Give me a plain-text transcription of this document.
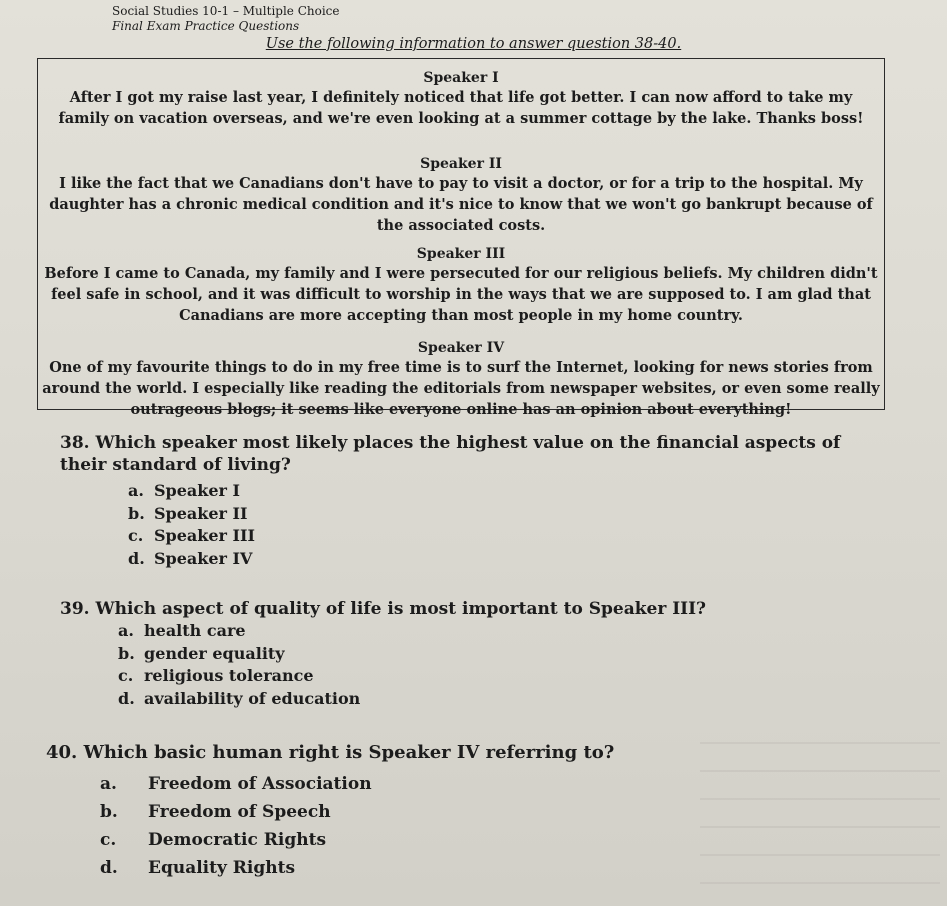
Social Studies 10-1 – Multiple Choice
Final Exam Practice Questions
Use the following information to answer question 38-40.
Speaker I
After I got my raise last year, I definitely noticed that life got better. I can now afford to take my family on vacation overseas, and we're even looking at a summer cottage by the lake. Thanks boss!
Speaker II
I like the fact that we Canadians don't have to pay to visit a doctor, or for a trip to the hospital. My daughter has a chronic medical condition and it's nice to know that we won't go bankrupt because of the associated costs.
Speaker III
Before I came to Canada, my family and I were persecuted for our religious beliefs. My children didn't feel safe in school, and it was difficult to worship in the ways that we are supposed to. I am glad that Canadians are more accepting than most people in my home country.
Speaker IV
One of my favourite things to do in my free time is to surf the Internet, looking for news stories from around the world. I especially like reading the editorials from newspaper websites, or even some really outrageous blogs; it seems like everyone online has an opinion about everything!
38. Which speaker most likely places the highest value on the financial aspects of their standard of living?
a. Speaker I
b. Speaker II
c. Speaker III
d. Speaker IV
39. Which aspect of quality of life is most important to Speaker III?
a. health care
b. gender equality
c. religious tolerance
d. availability of education
40. Which basic human right is Speaker IV referring to?
a. Freedom of Association
b. Freedom of Speech
c. Democratic Rights
d. Equality Rights
